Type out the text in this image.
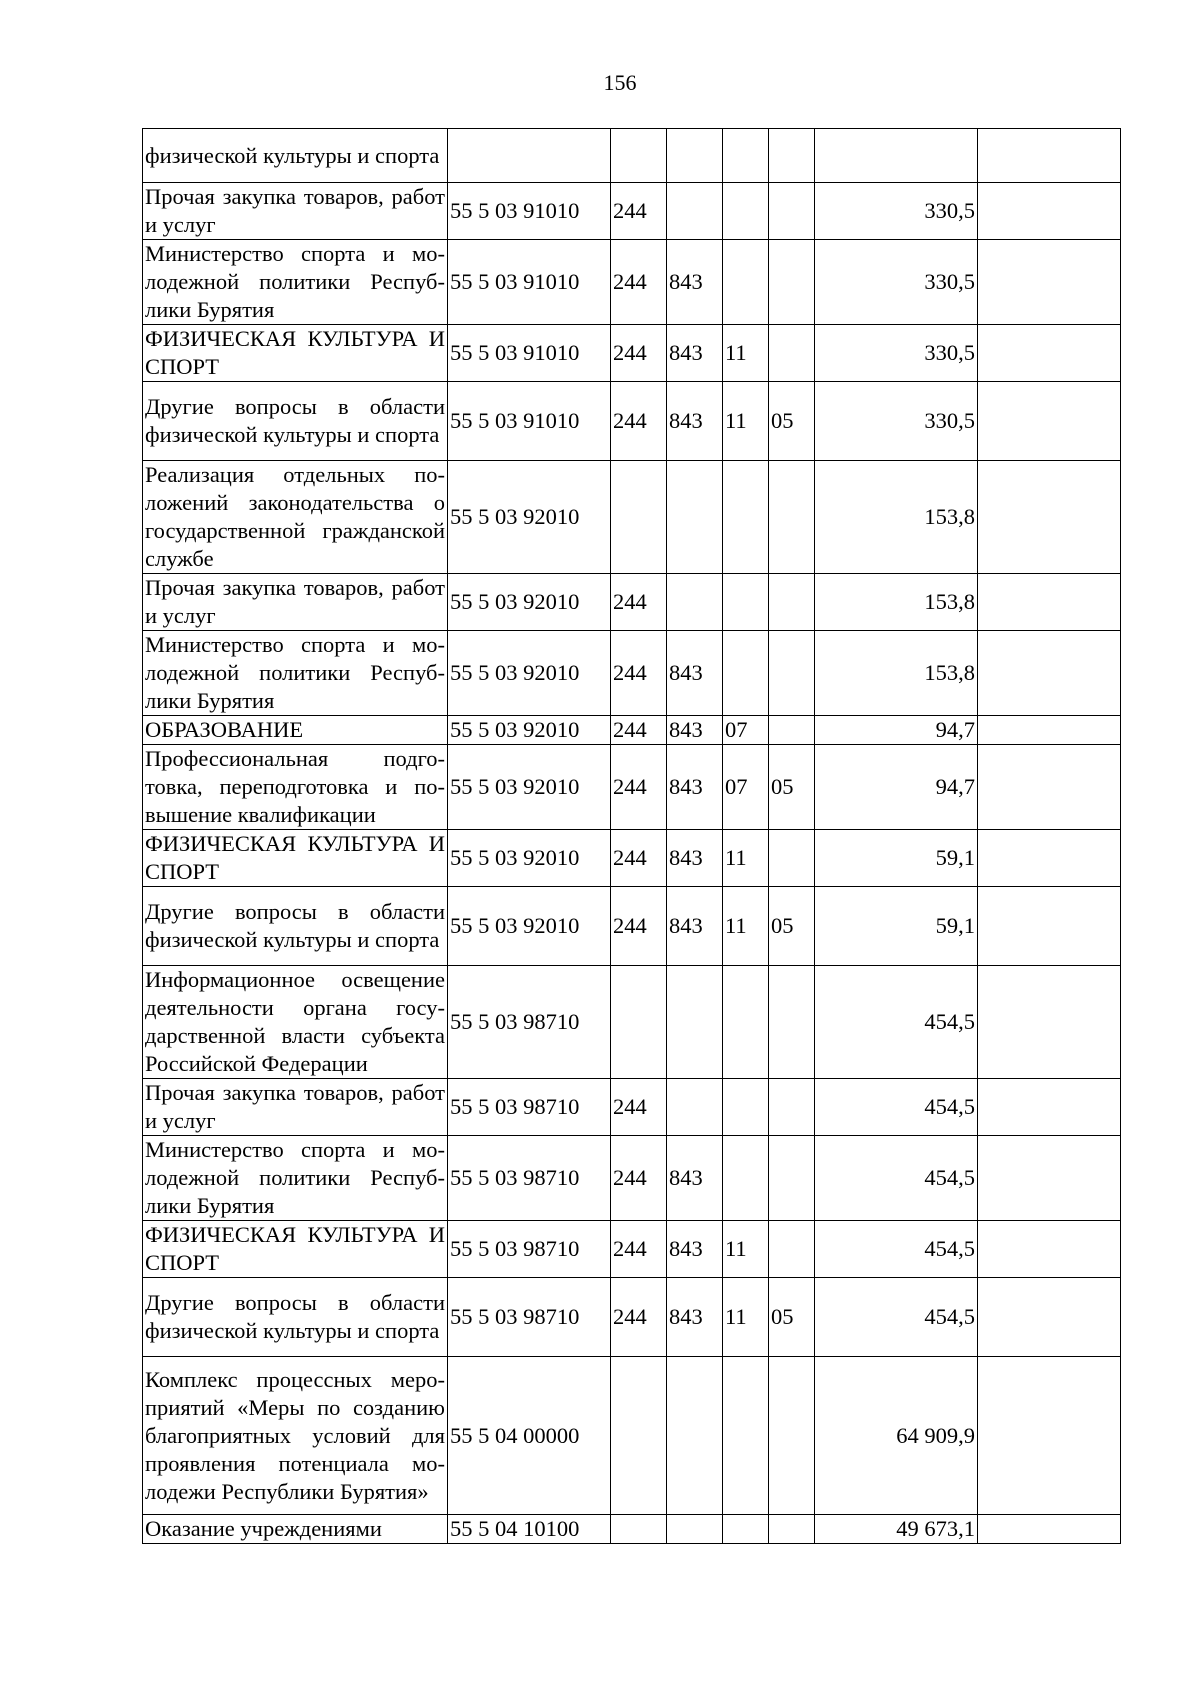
156
физической культуры и спорта							
Прочая закупка товаров, работ и услуг	55 5 03 91010	244				330,5	
Министерство спорта и молодежной политики Республики Бурятия	55 5 03 91010	244	843			330,5	
ФИЗИЧЕСКАЯ КУЛЬТУРА И СПОРТ	55 5 03 91010	244	843	11		330,5	
Другие вопросы в области физической культуры и спорта	55 5 03 91010	244	843	11	05	330,5	
Реализация отдельных положений законодательства о государственной гражданской службе	55 5 03 92010					153,8	
Прочая закупка товаров, работ и услуг	55 5 03 92010	244				153,8	
Министерство спорта и молодежной политики Республики Бурятия	55 5 03 92010	244	843			153,8	
ОБРАЗОВАНИЕ	55 5 03 92010	244	843	07		94,7	
Профессиональная подготовка, переподготовка и повышение квалификации	55 5 03 92010	244	843	07	05	94,7	
ФИЗИЧЕСКАЯ КУЛЬТУРА И СПОРТ	55 5 03 92010	244	843	11		59,1	
Другие вопросы в области физической культуры и спорта	55 5 03 92010	244	843	11	05	59,1	
Информационное освещение деятельности органа государственной власти субъекта Российской Федерации	55 5 03 98710					454,5	
Прочая закупка товаров, работ и услуг	55 5 03 98710	244				454,5	
Министерство спорта и молодежной политики Республики Бурятия	55 5 03 98710	244	843			454,5	
ФИЗИЧЕСКАЯ КУЛЬТУРА И СПОРТ	55 5 03 98710	244	843	11		454,5	
Другие вопросы в области физической культуры и спорта	55 5 03 98710	244	843	11	05	454,5	
Комплекс процессных мероприятий «Меры по созданию благоприятных условий для проявления потенциала молодежи Республики Бурятия»	55 5 04 00000					64 909,9	
Оказание учреждениями	55 5 04 10100					49 673,1	
